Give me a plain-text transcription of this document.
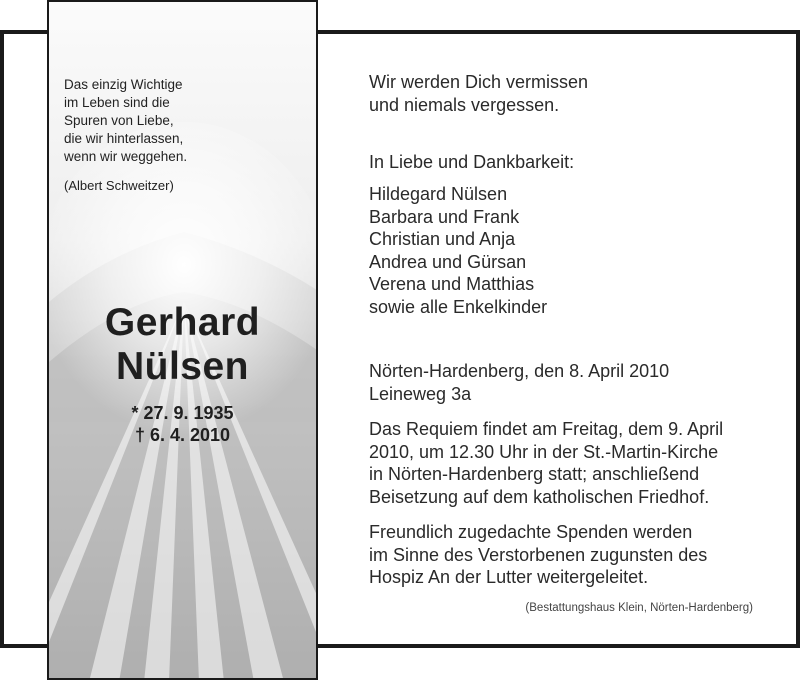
Das einzig Wichtige
im Leben sind die
Spuren von Liebe,
die wir hinterlassen,
wenn wir weggehen.
(Albert Schweitzer)
Gerhard
Nülsen
* 27. 9. 1935
† 6. 4. 2010
Wir werden Dich vermissen
und niemals vergessen.
In Liebe und Dankbarkeit:
Hildegard Nülsen
Barbara und Frank
Christian und Anja
Andrea und Gürsan
Verena und Matthias
sowie alle Enkelkinder
Nörten-Hardenberg, den 8. April 2010
Leineweg 3a
Das Requiem findet am Freitag, dem 9. April
2010, um 12.30 Uhr in der St.-Martin-Kirche
in Nörten-Hardenberg statt; anschließend
Beisetzung auf dem katholischen Friedhof.
Freundlich zugedachte Spenden werden
im Sinne des Verstorbenen zugunsten des
Hospiz An der Lutter weitergeleitet.
(Bestattungshaus Klein, Nörten-Hardenberg)
